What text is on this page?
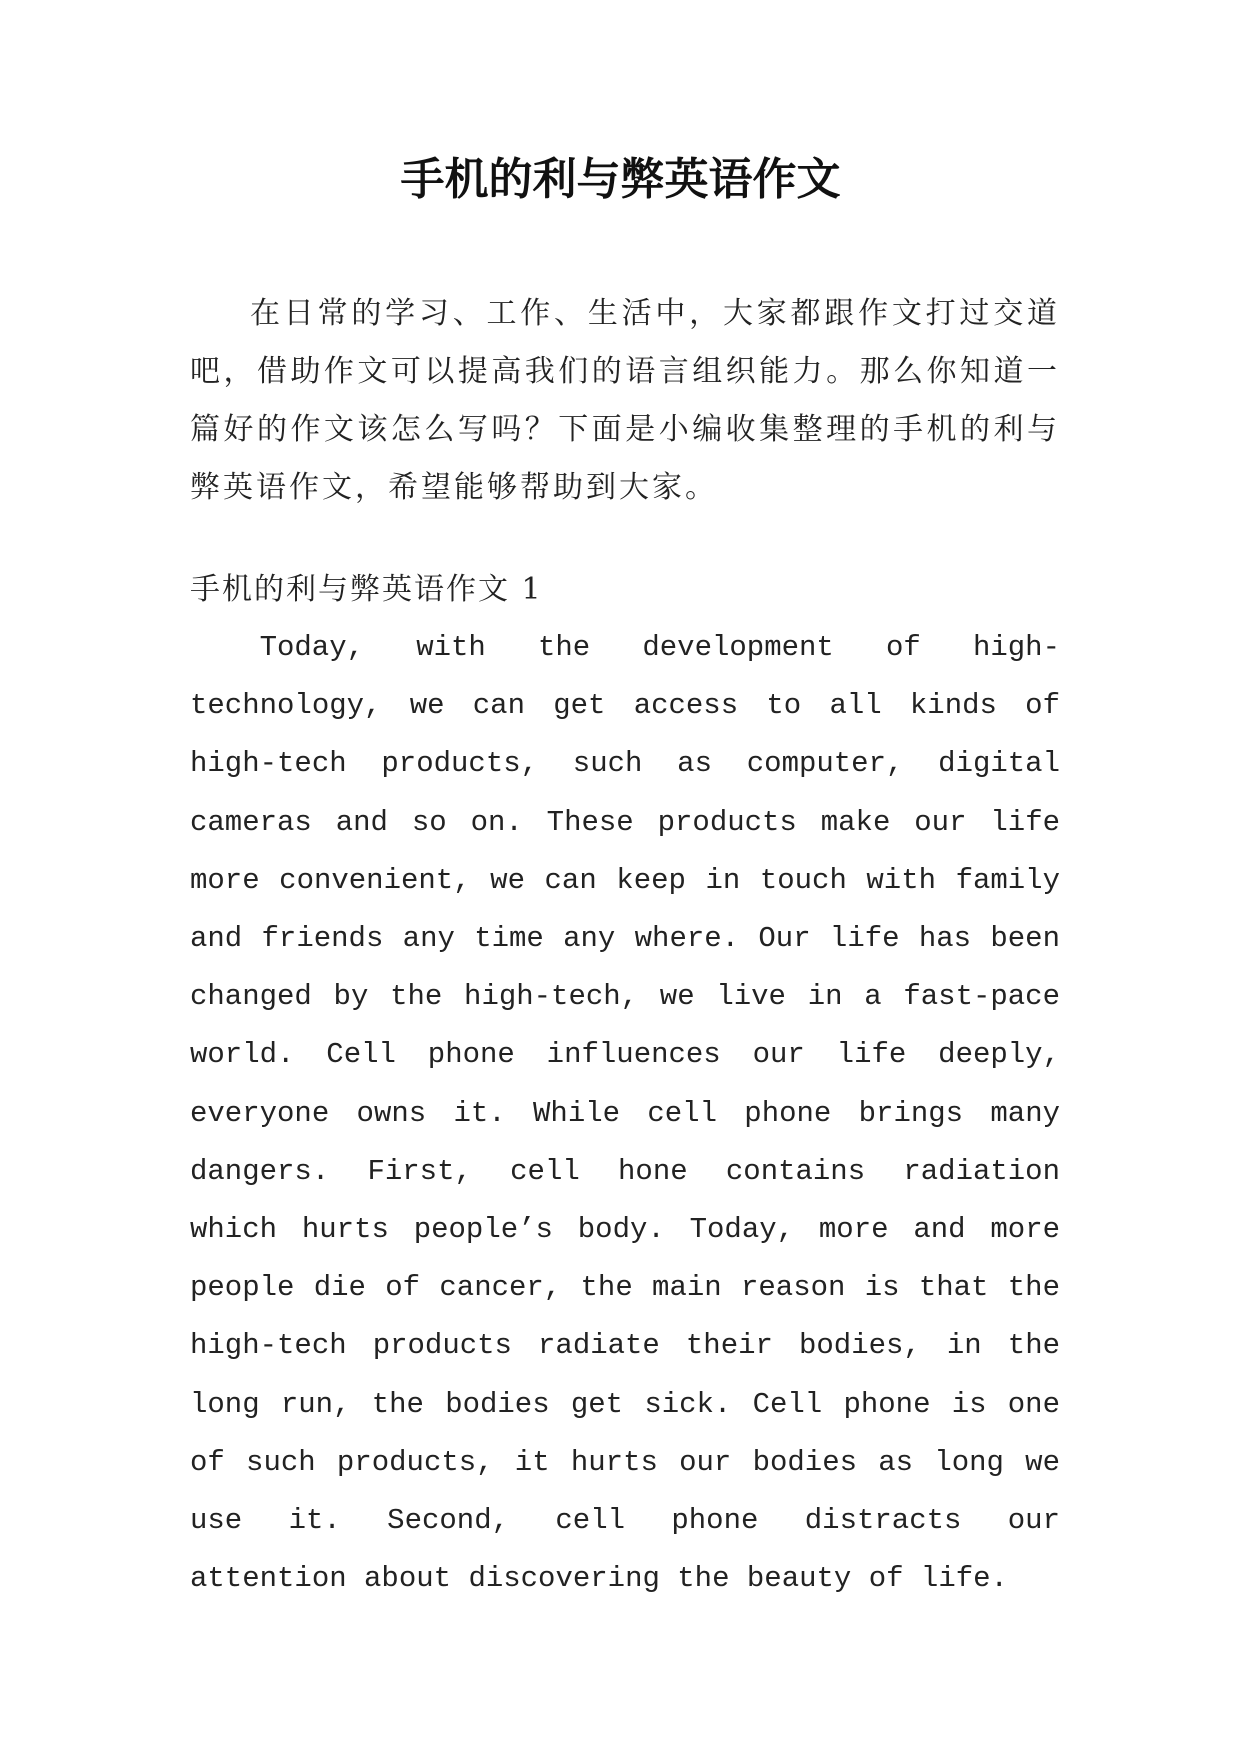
手机的利与弊英语作文

在日常的学习、工作、生活中，大家都跟作文打过交道吧，借助作文可以提高我们的语言组织能力。那么你知道一篇好的作文该怎么写吗？下面是小编收集整理的手机的利与弊英语作文，希望能够帮助到大家。

手机的利与弊英语作文 1

Today, with the development of high-technology, we can get access to all kinds of high-tech products, such as computer, digital cameras and so on. These products make our life more convenient, we can keep in touch with family and friends any time any where. Our life has been changed by the high-tech, we live in a fast-pace world. Cell phone influences our life deeply, everyone owns it. While cell phone brings many dangers. First, cell hone contains radiation which hurts people’s body. Today, more and more people die of cancer, the main reason is that the high-tech products radiate their bodies, in the long run, the bodies get sick. Cell phone is one of such products, it hurts our bodies as long we use it. Second, cell phone distracts our attention about discovering the beauty of life.
